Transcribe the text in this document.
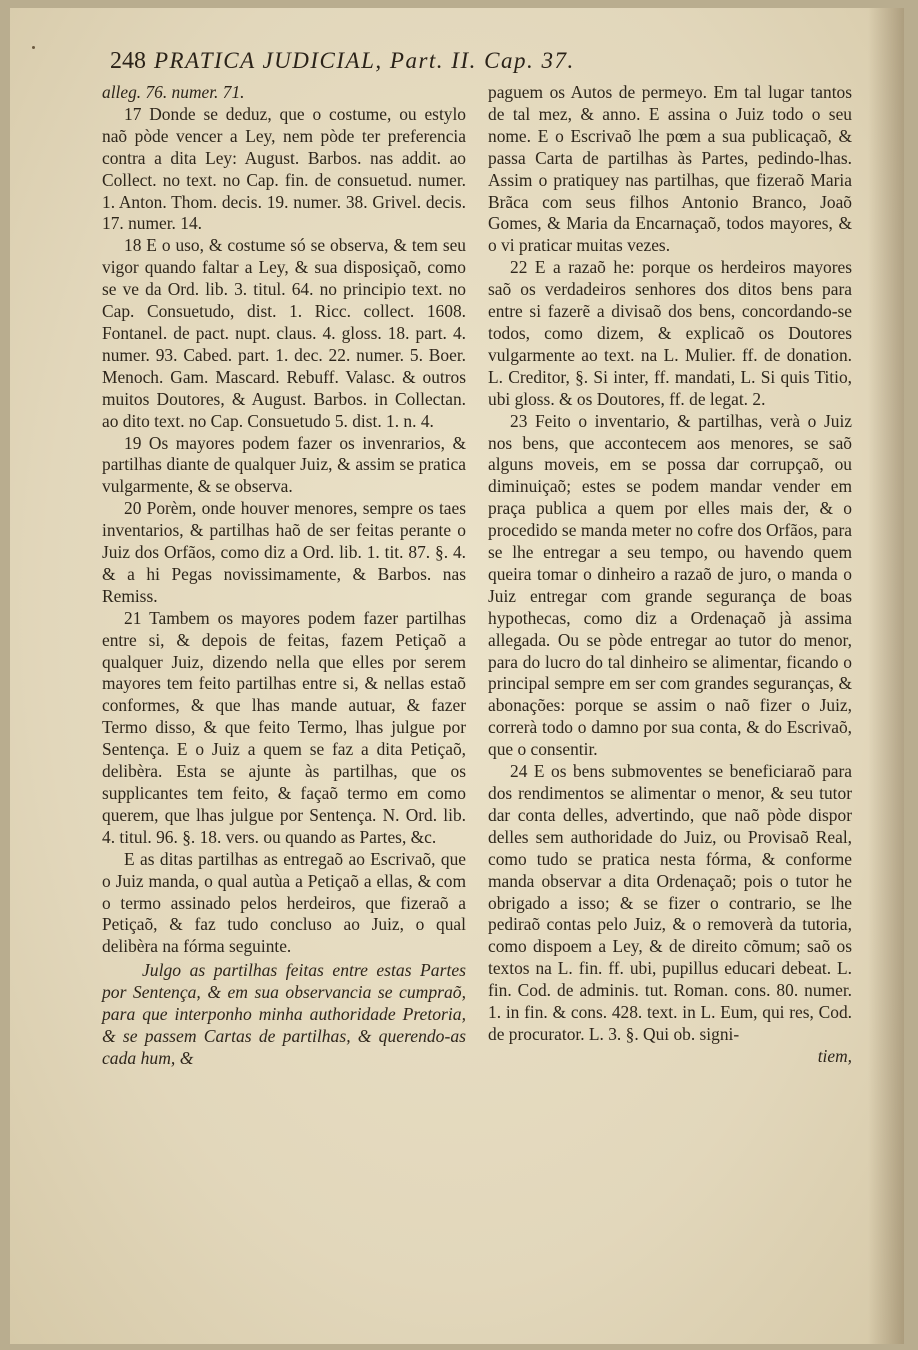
248 PRATICA JUDICIAL, Part. II. Cap. 37.

alleg. 76. numer. 71.

17 Donde se deduz, que o costume, ou estylo naõ pòde vencer a Ley, nem pòde ter preferencia contra a dita Ley: August. Barbos. nas addit. ao Collect. no text. no Cap. fin. de consuetud. numer. 1. Anton. Thom. decis. 19. numer. 38. Grivel. decis. 17. numer. 14.

18 E o uso, & costume só se observa, & tem seu vigor quando faltar a Ley, & sua disposiçaõ, como se ve da Ord. lib. 3. titul. 64. no principio text. no Cap. Consuetudo, dist. 1. Ricc. collect. 1608. Fontanel. de pact. nupt. claus. 4. gloss. 18. part. 4. numer. 93. Cabed. part. 1. dec. 22. numer. 5. Boer. Menoch. Gam. Mascard. Rebuff. Valasc. & outros muitos Doutores, & August. Barbos. in Collectan. ao dito text. no Cap. Consuetudo 5. dist. 1. n. 4.

19 Os mayores podem fazer os invenrarios, & partilhas diante de qualquer Juiz, & assim se pratica vulgarmente, & se observa.

20 Porèm, onde houver menores, sempre os taes inventarios, & partilhas haõ de ser feitas perante o Juiz dos Orfãos, como diz a Ord. lib. 1. tit. 87. §. 4. & a hi Pegas novissimamente, & Barbos. nas Remiss.

21 Tambem os mayores podem fazer partilhas entre si, & depois de feitas, fazem Petiçaõ a qualquer Juiz, dizendo nella que elles por serem mayores tem feito partilhas entre si, & nellas estaõ conformes, & que lhas mande autuar, & fazer Termo disso, & que feito Termo, lhas julgue por Sentença. E o Juiz a quem se faz a dita Petiçaõ, delibèra. Esta se ajunte às partilhas, que os supplicantes tem feito, & façaõ termo em como querem, que lhas julgue por Sentença. N. Ord. lib. 4. titul. 96. §. 18. vers. ou quando as Partes, &c.

E as ditas partilhas as entregaõ ao Escrivaõ, que o Juiz manda, o qual autùa a Petiçaõ a ellas, & com o termo assinado pelos herdeiros, que fizeraõ a Petiçaõ, & faz tudo concluso ao Juiz, o qual delibèra na fórma seguinte.

Julgo as partilhas feitas entre estas Partes por Sentença, & em sua observancia se cumpraõ, para que interponho minha authoridade Pretoria, & se passem Cartas de partilhas, & querendo-as cada hum, &

paguem os Autos de permeyo. Em tal lugar tantos de tal mez, & anno. E assina o Juiz todo o seu nome. E o Escrivaõ lhe pœm a sua publicaçaõ, & passa Carta de partilhas às Partes, pedindo-lhas. Assim o pratiquey nas partilhas, que fizeraõ Maria Brãca com seus filhos Antonio Branco, Joaõ Gomes, & Maria da Encarnaçaõ, todos mayores, & o vi praticar muitas vezes.

22 E a razaõ he: porque os herdeiros mayores saõ os verdadeiros senhores dos ditos bens para entre si fazerẽ a divisaõ dos bens, concordando-se todos, como dizem, & explicaõ os Doutores vulgarmente ao text. na L. Mulier. ff. de donation. L. Creditor, §. Si inter, ff. mandati, L. Si quis Titio, ubi gloss. & os Doutores, ff. de legat. 2.

23 Feito o inventario, & partilhas, verà o Juiz nos bens, que accontecem aos menores, se saõ alguns moveis, em se possa dar corrupçaõ, ou diminuiçaõ; estes se podem mandar vender em praça publica a quem por elles mais der, & o procedido se manda meter no cofre dos Orfãos, para se lhe entregar a seu tempo, ou havendo quem queira tomar o dinheiro a razaõ de juro, o manda o Juiz entregar com grande segurança de boas hypothecas, como diz a Ordenaçaõ jà assima allegada. Ou se pòde entregar ao tutor do menor, para do lucro do tal dinheiro se alimentar, ficando o principal sempre em ser com grandes seguranças, & abonações: porque se assim o naõ fizer o Juiz, correrà todo o damno por sua conta, & do Escrivaõ, que o consentir.

24 E os bens submoventes se beneficiaraõ para dos rendimentos se alimentar o menor, & seu tutor dar conta delles, advertindo, que naõ pòde dispor delles sem authoridade do Juiz, ou Provisaõ Real, como tudo se pratica nesta fórma, & conforme manda observar a dita Ordenaçaõ; pois o tutor he obrigado a isso; & se fizer o contrario, se lhe pediraõ contas pelo Juiz, & o removerà da tutoria, como dispoem a Ley, & de direito cõmum; saõ os textos na L. fin. ff. ubi, pupillus educari debeat. L. fin. Cod. de adminis. tut. Roman. cons. 80. numer. 1. in fin. & cons. 428. text. in L. Eum, qui res, Cod. de procurator. L. 3. §. Qui ob. signi-

tiem,
